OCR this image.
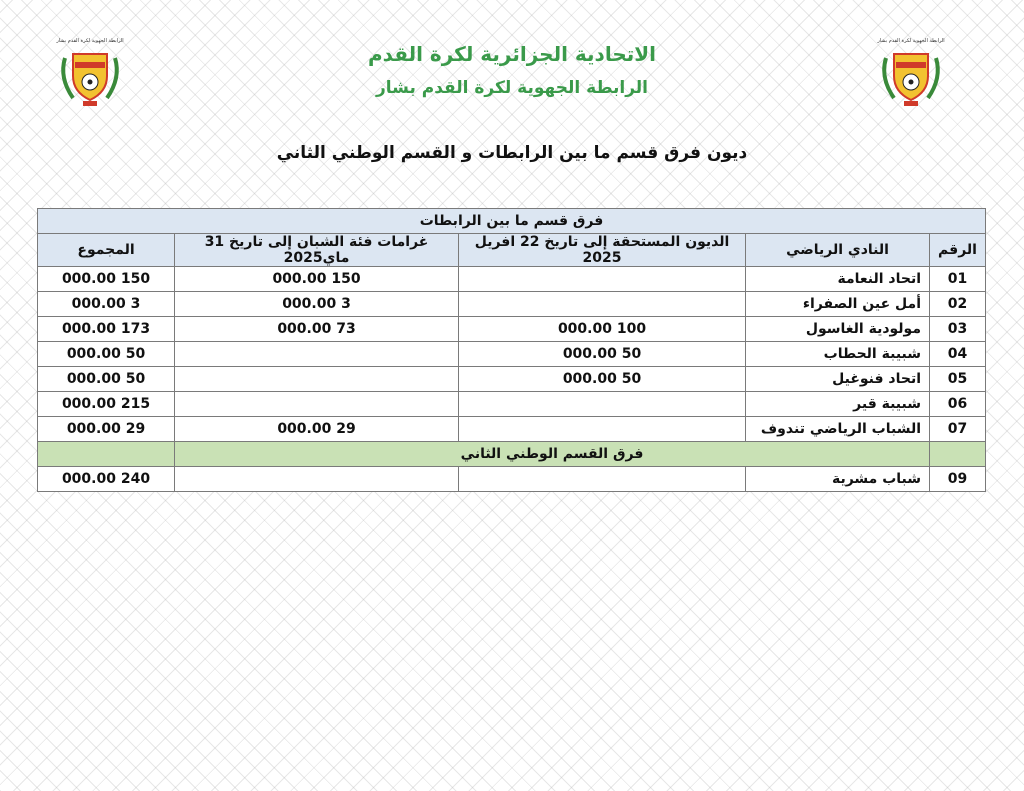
الرابطة الجهوية لكرة القدم بشار	الرابطة الجهوية لكرة القدم بشار
الاتحادية الجزائرية لكرة القدم
الرابطة الجهوية لكرة القدم بشار
ديون فرق قسم ما بين الرابطات و القسم الوطني الثاني
فرق قسم ما بين الرابطات				
الرقم	النادي الرياضي	الديون المستحقة إلى تاريخ 22 افريل 2025	غرامات فئة الشبان إلى تاريخ 31 ماي2025	المجموع
01	اتحاد النعامة		150 000.00	150 000.00
02	أمل عين الصفراء		3 000.00	3 000.00
03	مولودية الغاسول	100 000.00	73 000.00	173 000.00
04	شبيبة الحطاب	50 000.00		50 000.00
05	اتحاد فنوغيل	50 000.00		50 000.00
06	شبيبة قير			215 000.00
07	الشباب الرياضي تندوف		29 000.00	29 000.00
	فرق القسم الوطني الثاني			
09	شباب مشرية			240 000.00
